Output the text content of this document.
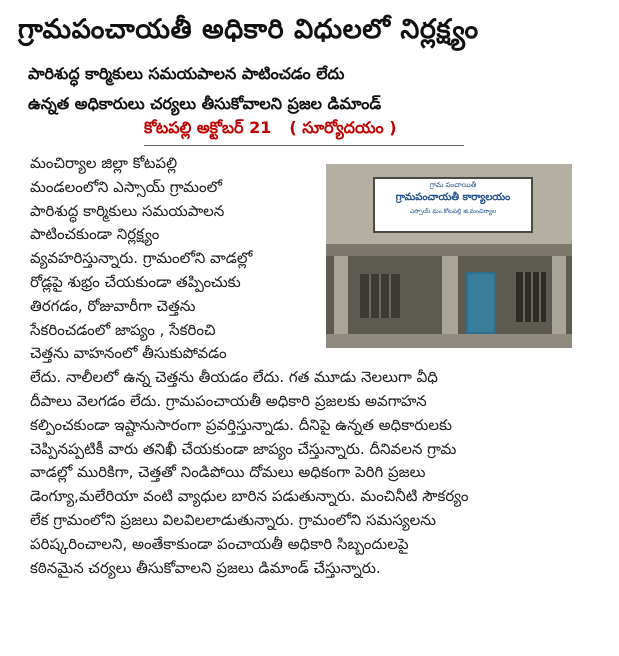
గ్రామపంచాయతీ అధికారి విధులలో నిర్లక్ష్యం
పారిశుద్ధ కార్మికులు సమయపాలన పాటించడం లేదు
ఉన్నత అధికారులు చర్యలు తీసుకోవాలని ప్రజల డిమాండ్
కోటపల్లి అక్టోబర్ 21 ( సూర్యోదయం )
గ్రామ పంచాయితీ
గ్రామపంచాయతీ కార్యాలయం
ఎస్సాయ్ మం.కోటపల్లి జి.మంచిర్యాల
మంచిర్యాల జిల్లా కోటపల్లి
మండలంలోని ఎస్సాయ్ గ్రామంలో
పారిశుద్ధ కార్మికులు సమయపాలన
పాటించకుండా నిర్లక్ష్యం
వ్యవహరిస్తున్నారు. గ్రామంలోని వాడల్లో
రోడ్లపై శుభ్రం చేయకుండా తప్పించుకు
తిరగడం, రోజువారీగా చెత్తను
సేకరించడంలో జాప్యం , సేకరించి
చెత్తను వాహనంలో తీసుకుపోవడం
లేదు. నాలీలలో ఉన్న చెత్తను తీయడం లేదు. గత మూడు నెలలుగా వీధి
దీపాలు వెలగడం లేదు. గ్రామపంచాయతీ అధికారి ప్రజలకు అవగాహన
కల్పించకుండా ఇష్టానుసారంగా ప్రవర్తిస్తున్నాడు. దీనిపై ఉన్నత అధికారులకు
చెప్పినప్పటికీ వారు తనిఖీ చేయకుండా జాప్యం చేస్తున్నారు. దీనివలన గ్రామ
వాడల్లో మురికిగా, చెత్తతో నిండిపోయి దోమలు అధికంగా పెరిగి ప్రజలు
డెంగ్యూ,మలేరియా వంటి వ్యాధుల బారిన పడుతున్నారు. మంచినీటి సౌకర్యం
లేక గ్రామంలోని ప్రజలు విలవిలలాడుతున్నారు. గ్రామంలోని సమస్యలను
పరిష్కరించాలని, అంతేకాకుండా పంచాయతీ అధికారి సిబ్బందులపై
కఠినమైన చర్యలు తీసుకోవాలని ప్రజలు డిమాండ్ చేస్తున్నారు.
